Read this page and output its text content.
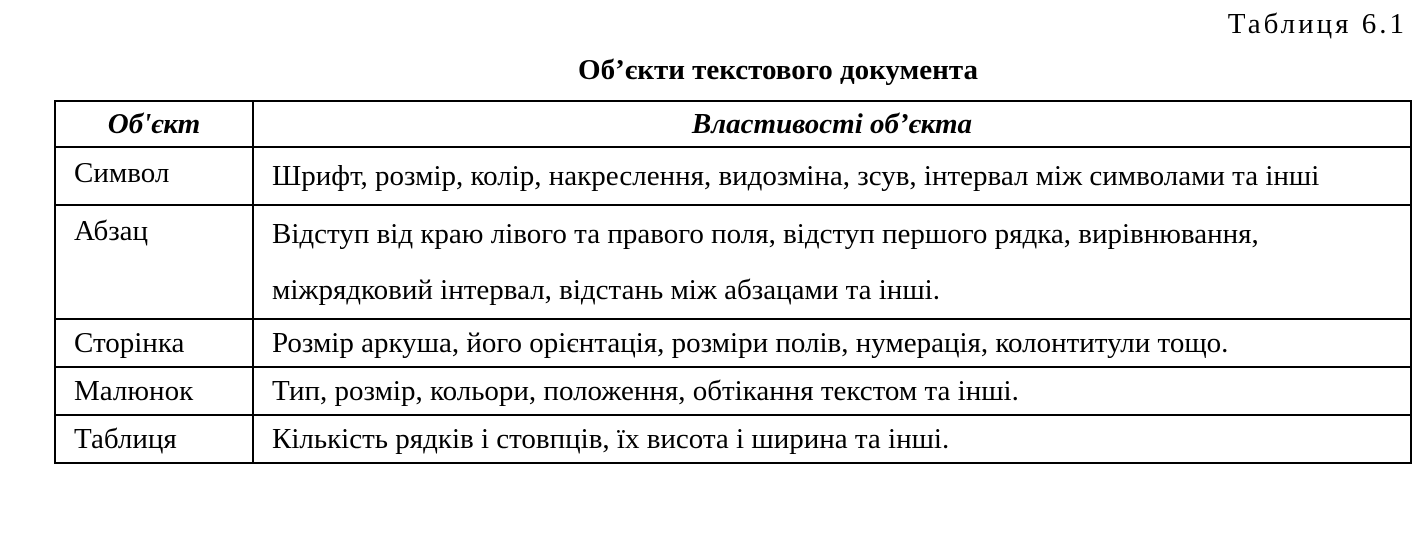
Таблиця 6.1
Об’єкти текстового документа
Об'єкт	Властивості об’єкта
Символ	Шрифт, розмір, колір, накреслення, видозміна, зсув, інтервал між символами та інші
Абзац	Відступ від краю лівого та правого поля, відступ першого рядка, вирівнювання, міжрядковий інтервал, відстань між абзацами та інші.
Сторінка	Розмір аркуша, його орієнтація, розміри полів, нумерація, колонтитули тощо.
Малюнок	Тип, розмір, кольори, положення, обтікання текстом та інші.
Таблиця	Кількість рядків і стовпців, їх висота і ширина та інші.
